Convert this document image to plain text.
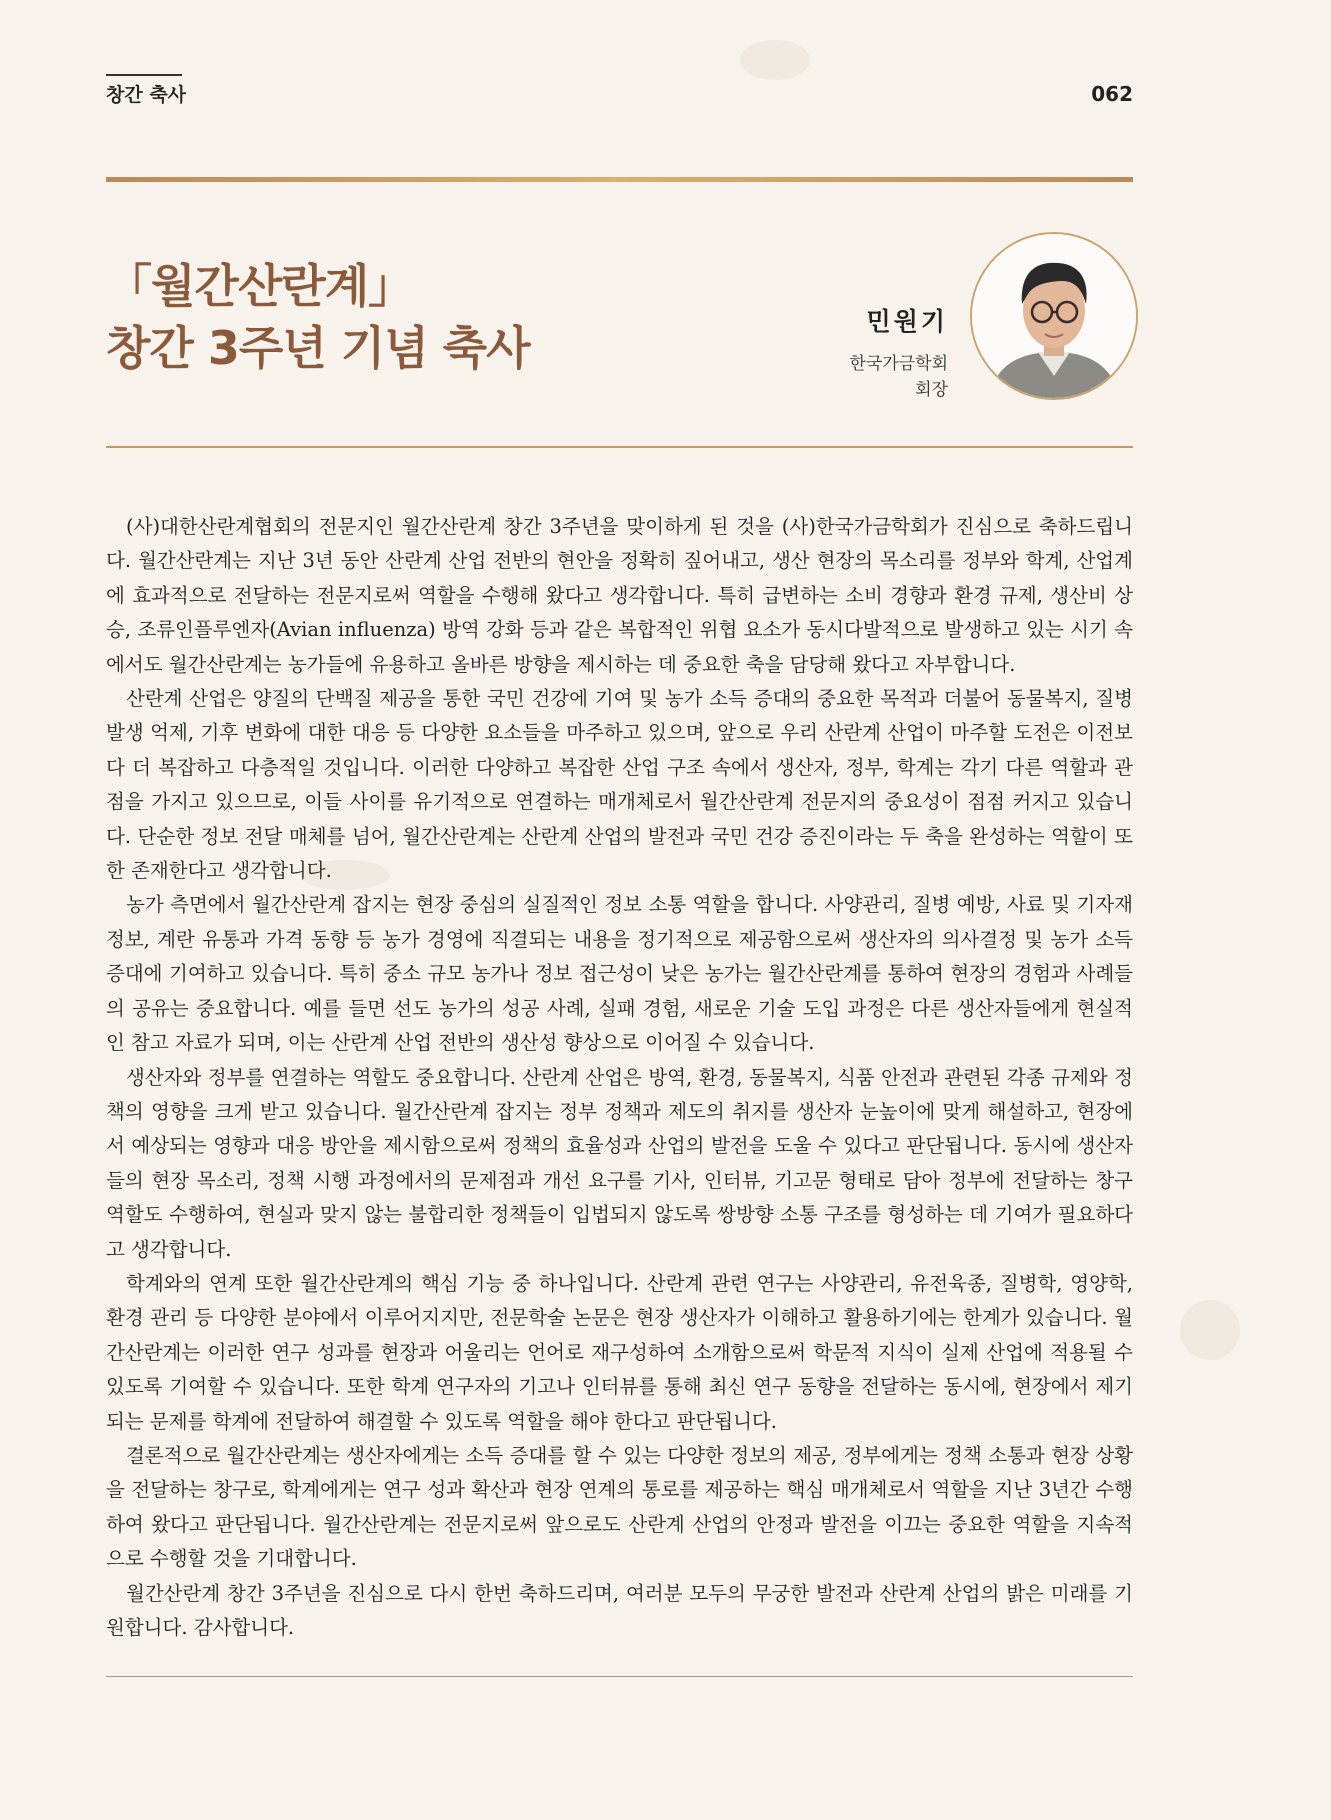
창간 축사	062
「월간산란계」
창간 3주년 기념 축사	민원기
한국가금학회
회장

(사)대한산란계협회의 전문지인 월간산란계 창간 3주년을 맞이하게 된 것을 (사)한국가금학회가 진심으로 축하드립니다. 월간산란계는 지난 3년 동안 산란계 산업 전반의 현안을 정확히 짚어내고, 생산 현장의 목소리를 정부와 학계, 산업계에 효과적으로 전달하는 전문지로써 역할을 수행해 왔다고 생각합니다. 특히 급변하는 소비 경향과 환경 규제, 생산비 상승, 조류인플루엔자(Avian influenza) 방역 강화 등과 같은 복합적인 위협 요소가 동시다발적으로 발생하고 있는 시기 속에서도 월간산란계는 농가들에 유용하고 올바른 방향을 제시하는 데 중요한 축을 담당해 왔다고 자부합니다.

산란계 산업은 양질의 단백질 제공을 통한 국민 건강에 기여 및 농가 소득 증대의 중요한 목적과 더불어 동물복지, 질병 발생 억제, 기후 변화에 대한 대응 등 다양한 요소들을 마주하고 있으며, 앞으로 우리 산란계 산업이 마주할 도전은 이전보다 더 복잡하고 다층적일 것입니다. 이러한 다양하고 복잡한 산업 구조 속에서 생산자, 정부, 학계는 각기 다른 역할과 관점을 가지고 있으므로, 이들 사이를 유기적으로 연결하는 매개체로서 월간산란계 전문지의 중요성이 점점 커지고 있습니다. 단순한 정보 전달 매체를 넘어, 월간산란계는 산란계 산업의 발전과 국민 건강 증진이라는 두 축을 완성하는 역할이 또한 존재한다고 생각합니다.

농가 측면에서 월간산란계 잡지는 현장 중심의 실질적인 정보 소통 역할을 합니다. 사양관리, 질병 예방, 사료 및 기자재 정보, 계란 유통과 가격 동향 등 농가 경영에 직결되는 내용을 정기적으로 제공함으로써 생산자의 의사결정 및 농가 소득 증대에 기여하고 있습니다. 특히 중소 규모 농가나 정보 접근성이 낮은 농가는 월간산란계를 통하여 현장의 경험과 사례들의 공유는 중요합니다. 예를 들면 선도 농가의 성공 사례, 실패 경험, 새로운 기술 도입 과정은 다른 생산자들에게 현실적인 참고 자료가 되며, 이는 산란계 산업 전반의 생산성 향상으로 이어질 수 있습니다.

생산자와 정부를 연결하는 역할도 중요합니다. 산란계 산업은 방역, 환경, 동물복지, 식품 안전과 관련된 각종 규제와 정책의 영향을 크게 받고 있습니다. 월간산란계 잡지는 정부 정책과 제도의 취지를 생산자 눈높이에 맞게 해설하고, 현장에서 예상되는 영향과 대응 방안을 제시함으로써 정책의 효율성과 산업의 발전을 도울 수 있다고 판단됩니다. 동시에 생산자들의 현장 목소리, 정책 시행 과정에서의 문제점과 개선 요구를 기사, 인터뷰, 기고문 형태로 담아 정부에 전달하는 창구 역할도 수행하여, 현실과 맞지 않는 불합리한 정책들이 입법되지 않도록 쌍방향 소통 구조를 형성하는 데 기여가 필요하다고 생각합니다.

학계와의 연계 또한 월간산란계의 핵심 기능 중 하나입니다. 산란계 관련 연구는 사양관리, 유전육종, 질병학, 영양학, 환경 관리 등 다양한 분야에서 이루어지지만, 전문학술 논문은 현장 생산자가 이해하고 활용하기에는 한계가 있습니다. 월간산란계는 이러한 연구 성과를 현장과 어울리는 언어로 재구성하여 소개함으로써 학문적 지식이 실제 산업에 적용될 수 있도록 기여할 수 있습니다. 또한 학계 연구자의 기고나 인터뷰를 통해 최신 연구 동향을 전달하는 동시에, 현장에서 제기되는 문제를 학계에 전달하여 해결할 수 있도록 역할을 해야 한다고 판단됩니다.

결론적으로 월간산란계는 생산자에게는 소득 증대를 할 수 있는 다양한 정보의 제공, 정부에게는 정책 소통과 현장 상황을 전달하는 창구로, 학계에게는 연구 성과 확산과 현장 연계의 통로를 제공하는 핵심 매개체로서 역할을 지난 3년간 수행하여 왔다고 판단됩니다. 월간산란계는 전문지로써 앞으로도 산란계 산업의 안정과 발전을 이끄는 중요한 역할을 지속적으로 수행할 것을 기대합니다.

월간산란계 창간 3주년을 진심으로 다시 한번 축하드리며, 여러분 모두의 무궁한 발전과 산란계 산업의 밝은 미래를 기원합니다. 감사합니다.
